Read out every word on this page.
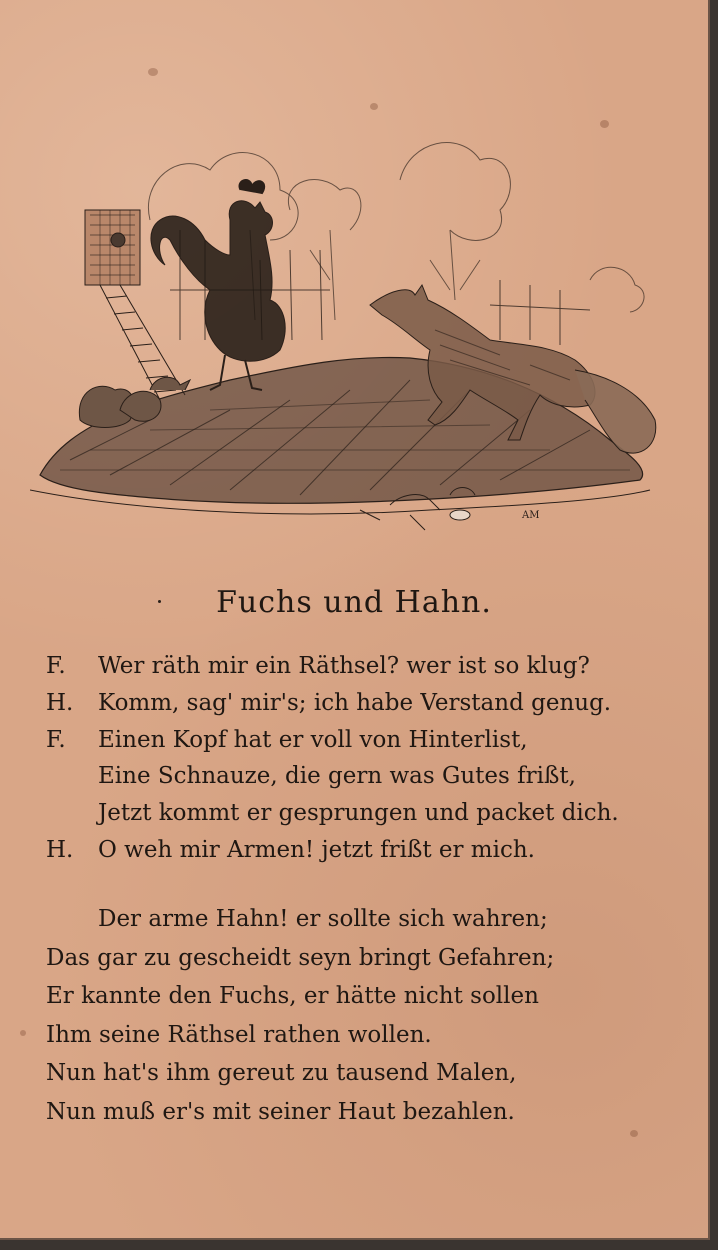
AM
Fuchs und Hahn.
F.	Wer räth mir ein Räthsel? wer ist so klug?
H.	Komm, sag' mir's; ich habe Verstand genug.
F.	Einen Kopf hat er voll von Hinterlist,
Eine Schnauze, die gern was Gutes frißt,
Jetzt kommt er gesprungen und packet dich.
H.	O weh mir Armen! jetzt frißt er mich.
Der arme Hahn! er sollte sich wahren;
Das gar zu gescheidt seyn bringt Gefahren;
Er kannte den Fuchs, er hätte nicht sollen
Ihm seine Räthsel rathen wollen.
Nun hat's ihm gereut zu tausend Malen,
Nun muß er's mit seiner Haut bezahlen.
